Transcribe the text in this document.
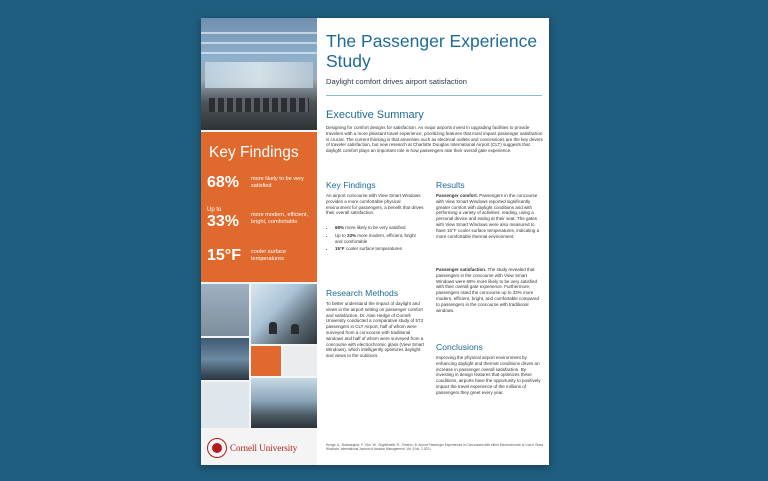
Key Findings
68%	more likely to be very satisfied
Up to
33%	more modern, efficient, bright, comfortable
15°F	cooler surface temperatures
Cornell University
The Passenger Experience Study
Daylight comfort drives airport satisfaction
Executive Summary
Designing for comfort designs for satisfaction. As major airports invest in upgrading facilities to provide travelers with a more pleasant travel experience, prioritizing features that most impact passenger satisfaction is crucial. The current thinking is that amenities such as electrical outlets and concessions are the key drivers of traveler satisfaction, but new research at Charlotte Douglas International Airport (CLT) suggests that daylight comfort plays an important role in how passengers rate their overall gate experience.
Key Findings
An airport concourse with View Smart Windows provides a more comfortable physical environment for passengers, a benefit that drives their overall satisfaction.
• 68% more likely to be very satisfied
• Up to 33% more modern, efficient, bright and comfortable
• 15°F cooler surface temperatures
Research Methods
To better understand the impact of daylight and views in the airport setting on passenger comfort and satisfaction, Dr. Alan Hedge of Cornell University conducted a comparative study of 573 passengers in CLT Airport, half of whom were surveyed from a concourse with traditional windows and half of whom were surveyed from a concourse with electrochromic glass (View Smart Windows), which intelligently optimizes daylight and views to the outdoors.
Results
Passenger comfort. Passengers in the concourse with View Smart Windows reported significantly greater comfort with daylight conditions and with performing a variety of activities: reading, using a personal device and eating at their seat. The gates with View Smart Windows were also measured to have 15°F cooler surface temperatures, indicating a more comfortable thermal environment.
Passenger satisfaction. The study revealed that passengers in the concourse with View Smart Windows were 68% more likely to be very satisfied with their overall gate experience. Furthermore, passengers rated the concourse up to 33% more modern, efficient, bright, and comfortable compared to passengers in the concourse with traditional windows.
Conclusions
Improving the physical airport environment by enhancing daylight and thermal conditions drives an increase in passenger overall satisfaction. By investing in design features that optimizes these conditions, airports have the opportunity to positively impact the travel experience of the millions of passengers they greet every year.
Hedge, A., Nachaeghizi, F., Kim, W., Guglielmetti, R., Timenio, B. Airport Passenger Experiences in Concourses with either Electrochromic or Low-e Glass Windows. International Journal of Aviation Management. Vol. 5 No. 1 2021
